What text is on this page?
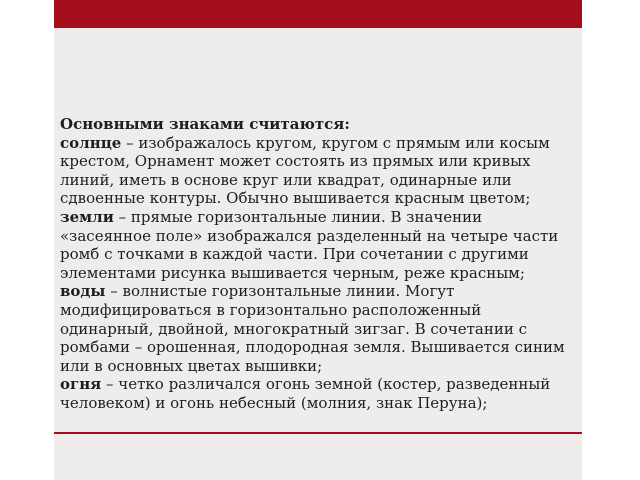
Основными знаками считаются:

солнце – изображалось кругом, кругом с прямым или косым крестом, Орнамент может состоять из прямых или кривых линий, иметь в основе круг или квадрат, одинарные или сдвоенные контуры. Обычно вышивается красным цветом;

земли – прямые горизонтальные линии. В значении «засеянное поле» изображался разделенный на четыре части ромб с точками в каждой части. При сочетании с другими элементами рисунка вышивается черным, реже красным;

воды – волнистые горизонтальные линии. Могут модифицироваться в горизонтально расположенный одинарный, двойной, многократный зигзаг. В сочетании с ромбами – орошенная, плодородная земля. Вышивается синим или в основных цветах вышивки;

огня – четко различался огонь земной (костер, разведенный человеком) и огонь небесный (молния, знак Перуна);
